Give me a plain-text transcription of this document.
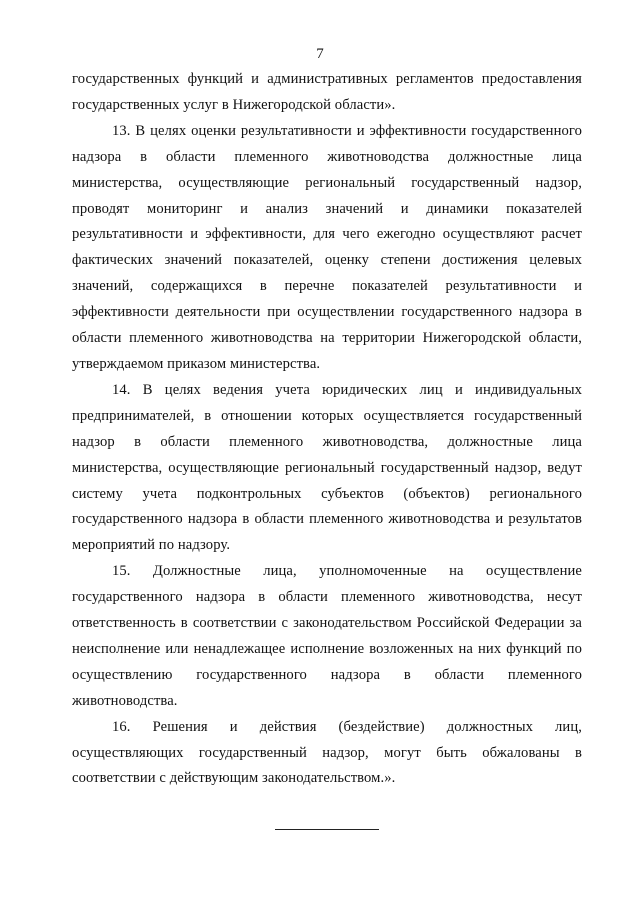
7

государственных функций и административных регламентов предоставления государственных услуг в Нижегородской области».

13. В целях оценки результативности и эффективности государственного надзора в области племенного животноводства должностные лица министерства, осуществляющие региональный государственный надзор, проводят мониторинг и анализ значений и динамики показателей результативности и эффективности, для чего ежегодно осуществляют расчет фактических значений показателей, оценку степени достижения целевых значений, содержащихся в перечне показателей результативности и эффективности деятельности при осуществлении государственного надзора в области племенного животноводства на территории Нижегородской области, утверждаемом приказом министерства.

14. В целях ведения учета юридических лиц и индивидуальных предпринимателей, в отношении которых осуществляется государственный надзор в области племенного животноводства, должностные лица министерства, осуществляющие региональный государственный надзор, ведут систему учета подконтрольных субъектов (объектов) регионального государственного надзора в области племенного животноводства и результатов мероприятий по надзору.

15. Должностные лица, уполномоченные на осуществление государственного надзора в области племенного животноводства, несут ответственность в соответствии с законодательством Российской Федерации за неисполнение или ненадлежащее исполнение возложенных на них функций по осуществлению государственного надзора в области племенного животноводства.

16. Решения и действия (бездействие) должностных лиц, осуществляющих государственный надзор, могут быть обжалованы в соответствии с действующим законодательством.».
